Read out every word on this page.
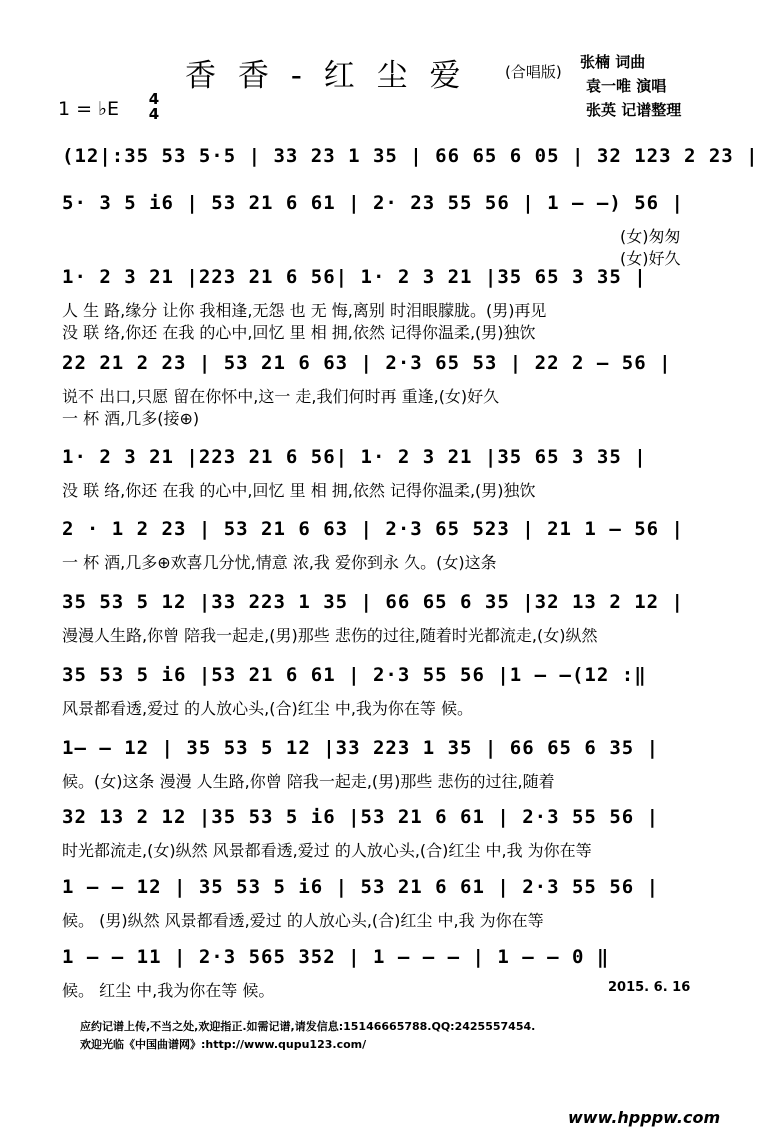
香 香 - 红 尘 爱	(合唱版)
张楠 词曲
袁一唯 演唱
张英 记谱整理
1 = ♭E 4
4
(12|:35 53 5·5 | 33 23 1 35 | 66 65 6 05 | 32 123 2 23 |
5· 3 5 i6 | 53 21 6 61 | 2· 23 55 56 | 1 — —) 56 |
(女)匆匆
(女)好久
1· 2 3 21 |223 21 6 56| 1· 2 3 21 |35 65 3 35 |
人 生 路,缘分 让你 我相逢,无怨 也 无 悔,离别 时泪眼朦胧。(男)再见
没 联 络,你还 在我 的心中,回忆 里 相 拥,依然 记得你温柔,(男)独饮
22 21 2 23 | 53 21 6 63 | 2·3 65 53 | 22 2 — 56 |
说不 出口,只愿 留在你怀中,这一 走,我们何时再 重逢,(女)好久
一 杯 酒,几多(接⊕)
1· 2 3 21 |223 21 6 56| 1· 2 3 21 |35 65 3 35 |
没 联 络,你还 在我 的心中,回忆 里 相 拥,依然 记得你温柔,(男)独饮
2 · 1 2 23 | 53 21 6 63 | 2·3 65 523 | 21 1 — 56 |
一 杯 酒,几多⊕欢喜几分忧,情意 浓,我 爱你到永 久。(女)这条
35 53 5 12 |33 223 1 35 | 66 65 6 35 |32 13 2 12 |
漫漫人生路,你曾 陪我一起走,(男)那些 悲伤的过往,随着时光都流走,(女)纵然
35 53 5 i6 |53 21 6 61 | 2·3 55 56 |1 — —(12 :‖
风景都看透,爱过 的人放心头,(合)红尘 中,我为你在等 候。
1— — 12 | 35 53 5 12 |33 223 1 35 | 66 65 6 35 |
候。(女)这条 漫漫 人生路,你曾 陪我一起走,(男)那些 悲伤的过往,随着
32 13 2 12 |35 53 5 i6 |53 21 6 61 | 2·3 55 56 |
时光都流走,(女)纵然 风景都看透,爱过 的人放心头,(合)红尘 中,我 为你在等
1 — — 12 | 35 53 5 i6 | 53 21 6 61 | 2·3 55 56 |
候。 (男)纵然 风景都看透,爱过 的人放心头,(合)红尘 中,我 为你在等
1 — — 11 | 2·3 565 352 | 1 — — — | 1 — — 0 ‖
候。 红尘 中,我为你在等 候。	2015. 6. 16
应约记谱上传,不当之处,欢迎指正.如需记谱,请发信息:15146665788.QQ:2425557454.
欢迎光临《中国曲谱网》:http://www.qupu123.com/
www.hpppw.com
